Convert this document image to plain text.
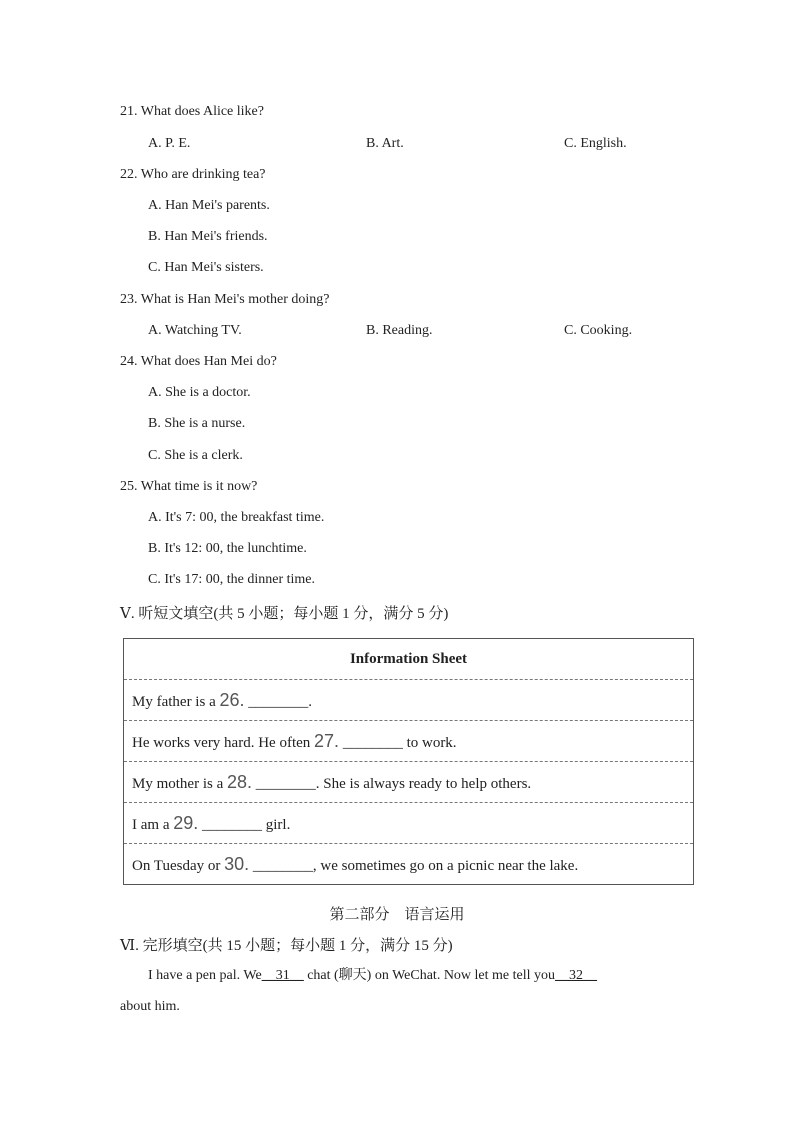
21. What does Alice like?
A. P. E.	B. Art.	C. English.
22. Who are drinking tea?
A. Han Mei's parents.
B. Han Mei's friends.
C. Han Mei's sisters.
23. What is Han Mei's mother doing?
A. Watching TV.	B. Reading.	C. Cooking.
24. What does Han Mei do?
A. She is a doctor.
B. She is a nurse.
C. She is a clerk.
25. What time is it now?
A. It's 7: 00, the breakfast time.
B. It's 12: 00, the lunchtime.
C. It's 17: 00, the dinner time.
Ⅴ. 听短文填空(共 5 小题；每小题 1 分，满分 5 分)
Information Sheet
My father is a 26. ________.
He works very hard. He often 27. ________ to work.
My mother is a 28. ________. She is always ready to help others.
I am a 29. ________ girl.
On Tuesday or 30. ________, we sometimes go on a picnic near the lake.
第二部分　语言运用
Ⅵ. 完形填空(共 15 小题；每小题 1 分，满分 15 分)
I have a pen pal. We__31__ chat (聊天) on WeChat. Now let me tell you__32__
about him.
